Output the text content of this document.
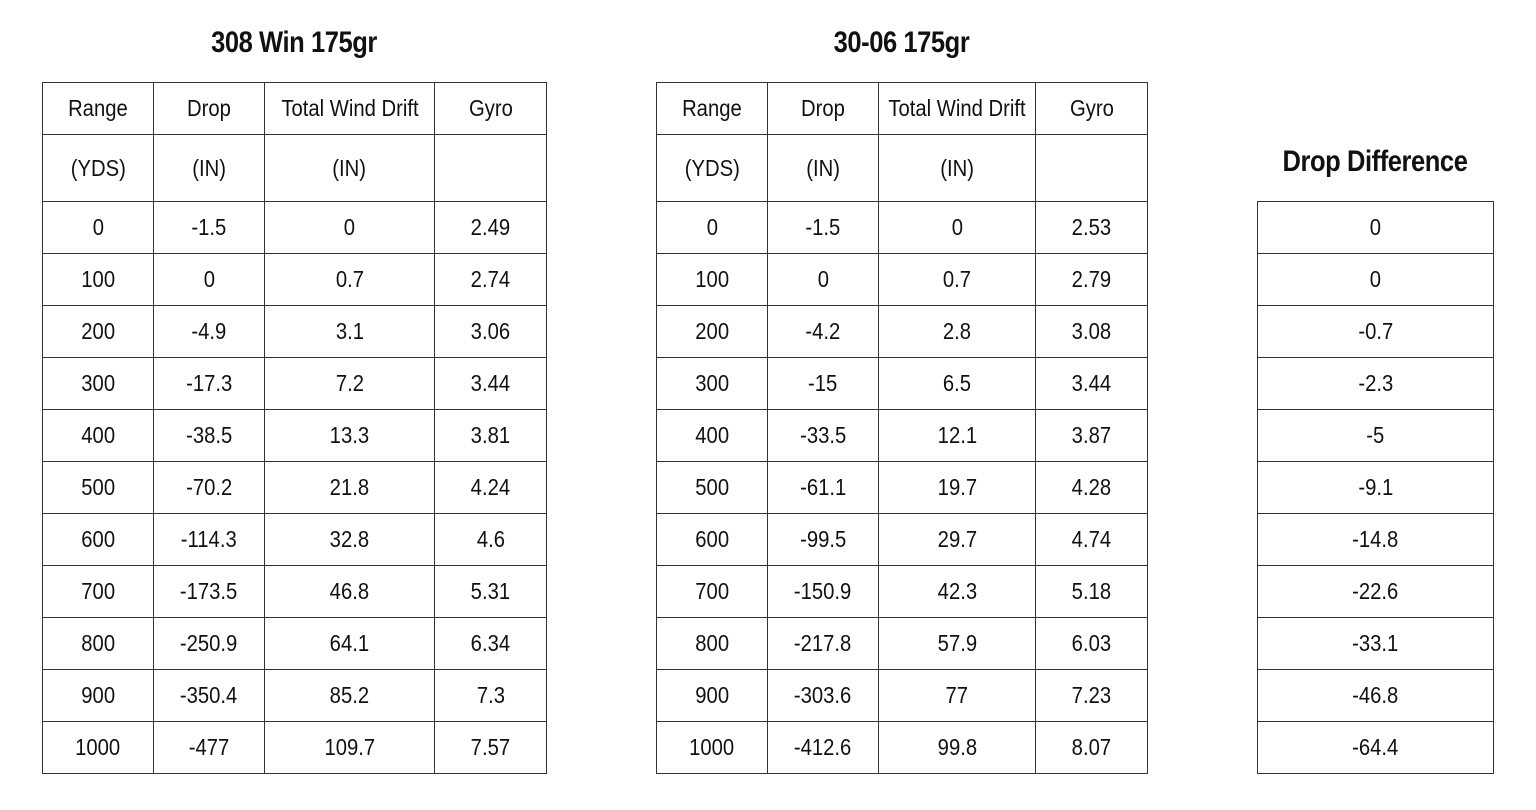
308 Win 175gr
Range	Drop	Total Wind Drift	Gyro
(YDS)	(IN)	(IN)	
0	-1.5	0	2.49
100	0	0.7	2.74
200	-4.9	3.1	3.06
300	-17.3	7.2	3.44
400	-38.5	13.3	3.81
500	-70.2	21.8	4.24
600	-114.3	32.8	4.6
700	-173.5	46.8	5.31
800	-250.9	64.1	6.34
900	-350.4	85.2	7.3
1000	-477	109.7	7.57
30-06 175gr
Range	Drop	Total Wind Drift	Gyro
(YDS)	(IN)	(IN)	
0	-1.5	0	2.53
100	0	0.7	2.79
200	-4.2	2.8	3.08
300	-15	6.5	3.44
400	-33.5	12.1	3.87
500	-61.1	19.7	4.28
600	-99.5	29.7	4.74
700	-150.9	42.3	5.18
800	-217.8	57.9	6.03
900	-303.6	77	7.23
1000	-412.6	99.8	8.07
Drop Difference
0
0
-0.7
-2.3
-5
-9.1
-14.8
-22.6
-33.1
-46.8
-64.4
